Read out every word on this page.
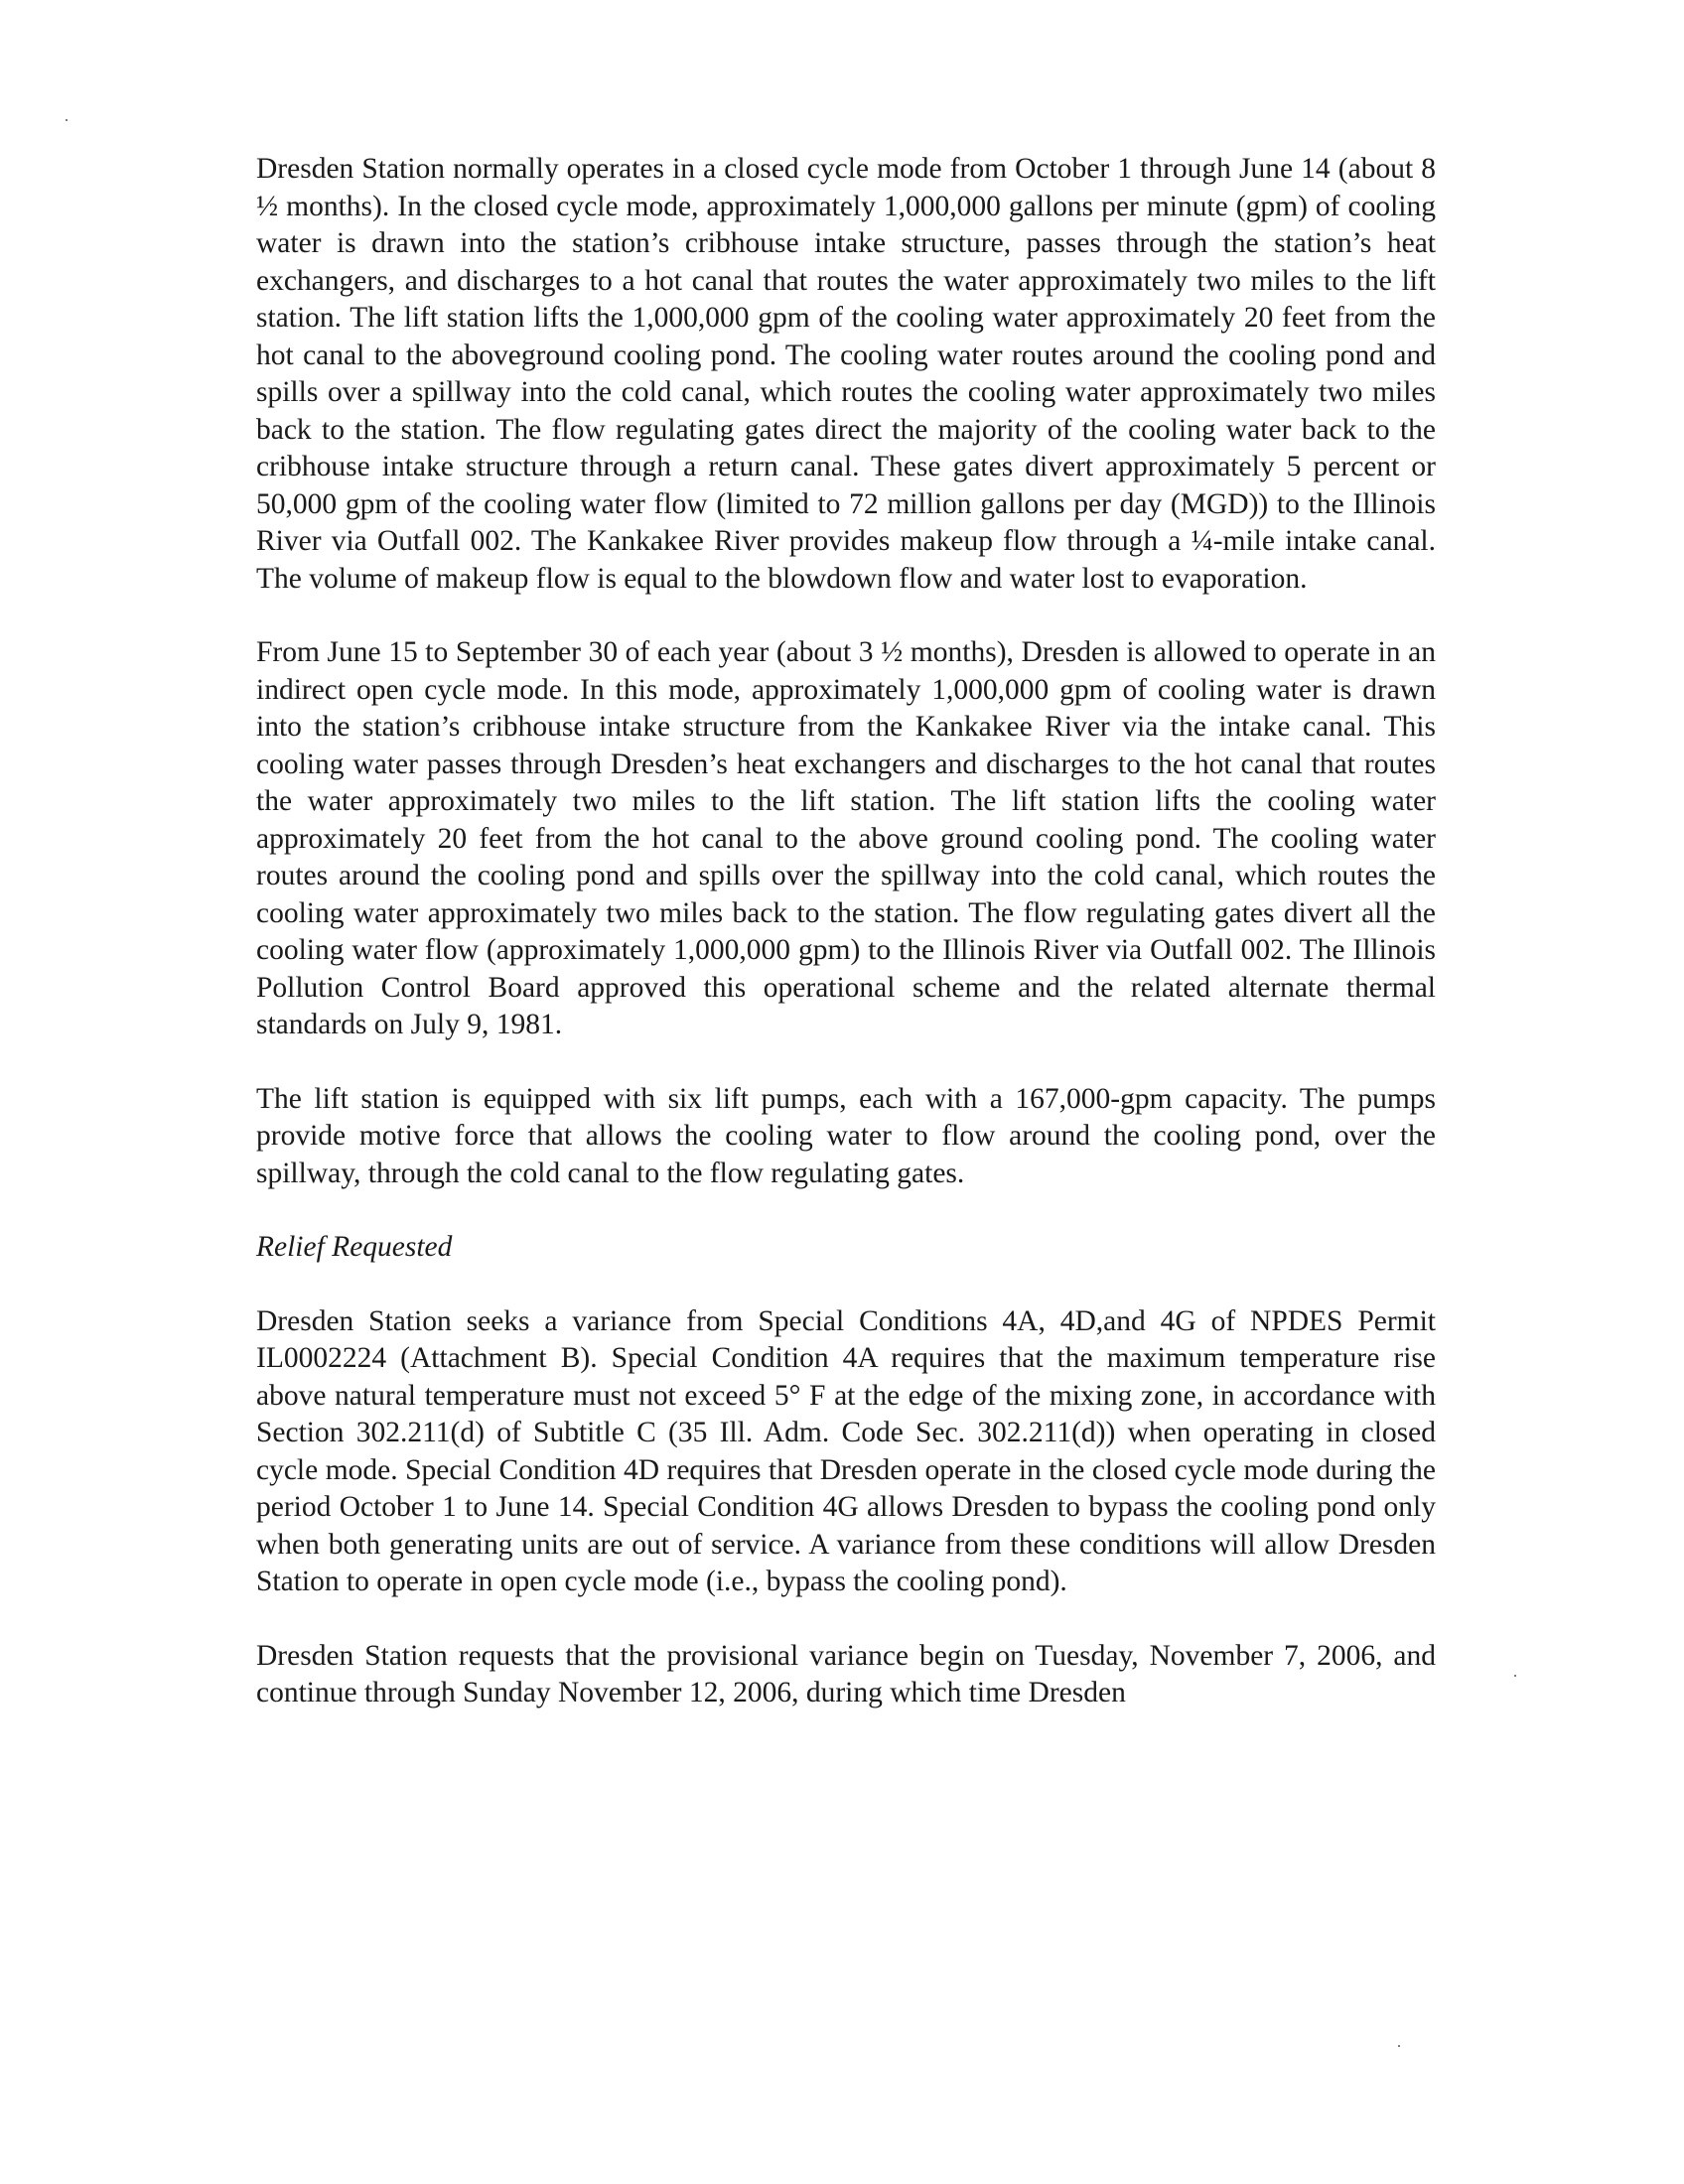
Dresden Station normally operates in a closed cycle mode from October 1 through June 14 (about 8 ½ months). In the closed cycle mode, approximately 1,000,000 gallons per minute (gpm) of cooling water is drawn into the station’s cribhouse intake structure, passes through the station’s heat exchangers, and discharges to a hot canal that routes the water approximately two miles to the lift station. The lift station lifts the 1,000,000 gpm of the cooling water approximately 20 feet from the hot canal to the aboveground cooling pond. The cooling water routes around the cooling pond and spills over a spillway into the cold canal, which routes the cooling water approximately two miles back to the station. The flow regulating gates direct the majority of the cooling water back to the cribhouse intake structure through a return canal. These gates divert approximately 5 percent or 50,000 gpm of the cooling water flow (limited to 72 million gallons per day (MGD)) to the Illinois River via Outfall 002. The Kankakee River provides makeup flow through a ¼-mile intake canal. The volume of makeup flow is equal to the blowdown flow and water lost to evaporation.

From June 15 to September 30 of each year (about 3 ½ months), Dresden is allowed to operate in an indirect open cycle mode. In this mode, approximately 1,000,000 gpm of cooling water is drawn into the station’s cribhouse intake structure from the Kankakee River via the intake canal. This cooling water passes through Dresden’s heat exchangers and discharges to the hot canal that routes the water approximately two miles to the lift station. The lift station lifts the cooling water approximately 20 feet from the hot canal to the above ground cooling pond. The cooling water routes around the cooling pond and spills over the spillway into the cold canal, which routes the cooling water approximately two miles back to the station. The flow regulating gates divert all the cooling water flow (approximately 1,000,000 gpm) to the Illinois River via Outfall 002. The Illinois Pollution Control Board approved this operational scheme and the related alternate thermal standards on July 9, 1981.

The lift station is equipped with six lift pumps, each with a 167,000-gpm capacity. The pumps provide motive force that allows the cooling water to flow around the cooling pond, over the spillway, through the cold canal to the flow regulating gates.

Relief Requested

Dresden Station seeks a variance from Special Conditions 4A, 4D,and 4G of NPDES Permit IL0002224 (Attachment B). Special Condition 4A requires that the maximum temperature rise above natural temperature must not exceed 5° F at the edge of the mixing zone, in accordance with Section 302.211(d) of Subtitle C (35 Ill. Adm. Code Sec. 302.211(d)) when operating in closed cycle mode. Special Condition 4D requires that Dresden operate in the closed cycle mode during the period October 1 to June 14. Special Condition 4G allows Dresden to bypass the cooling pond only when both generating units are out of service. A variance from these conditions will allow Dresden Station to operate in open cycle mode (i.e., bypass the cooling pond).

Dresden Station requests that the provisional variance begin on Tuesday, November 7, 2006, and continue through Sunday November 12, 2006, during which time Dresden
